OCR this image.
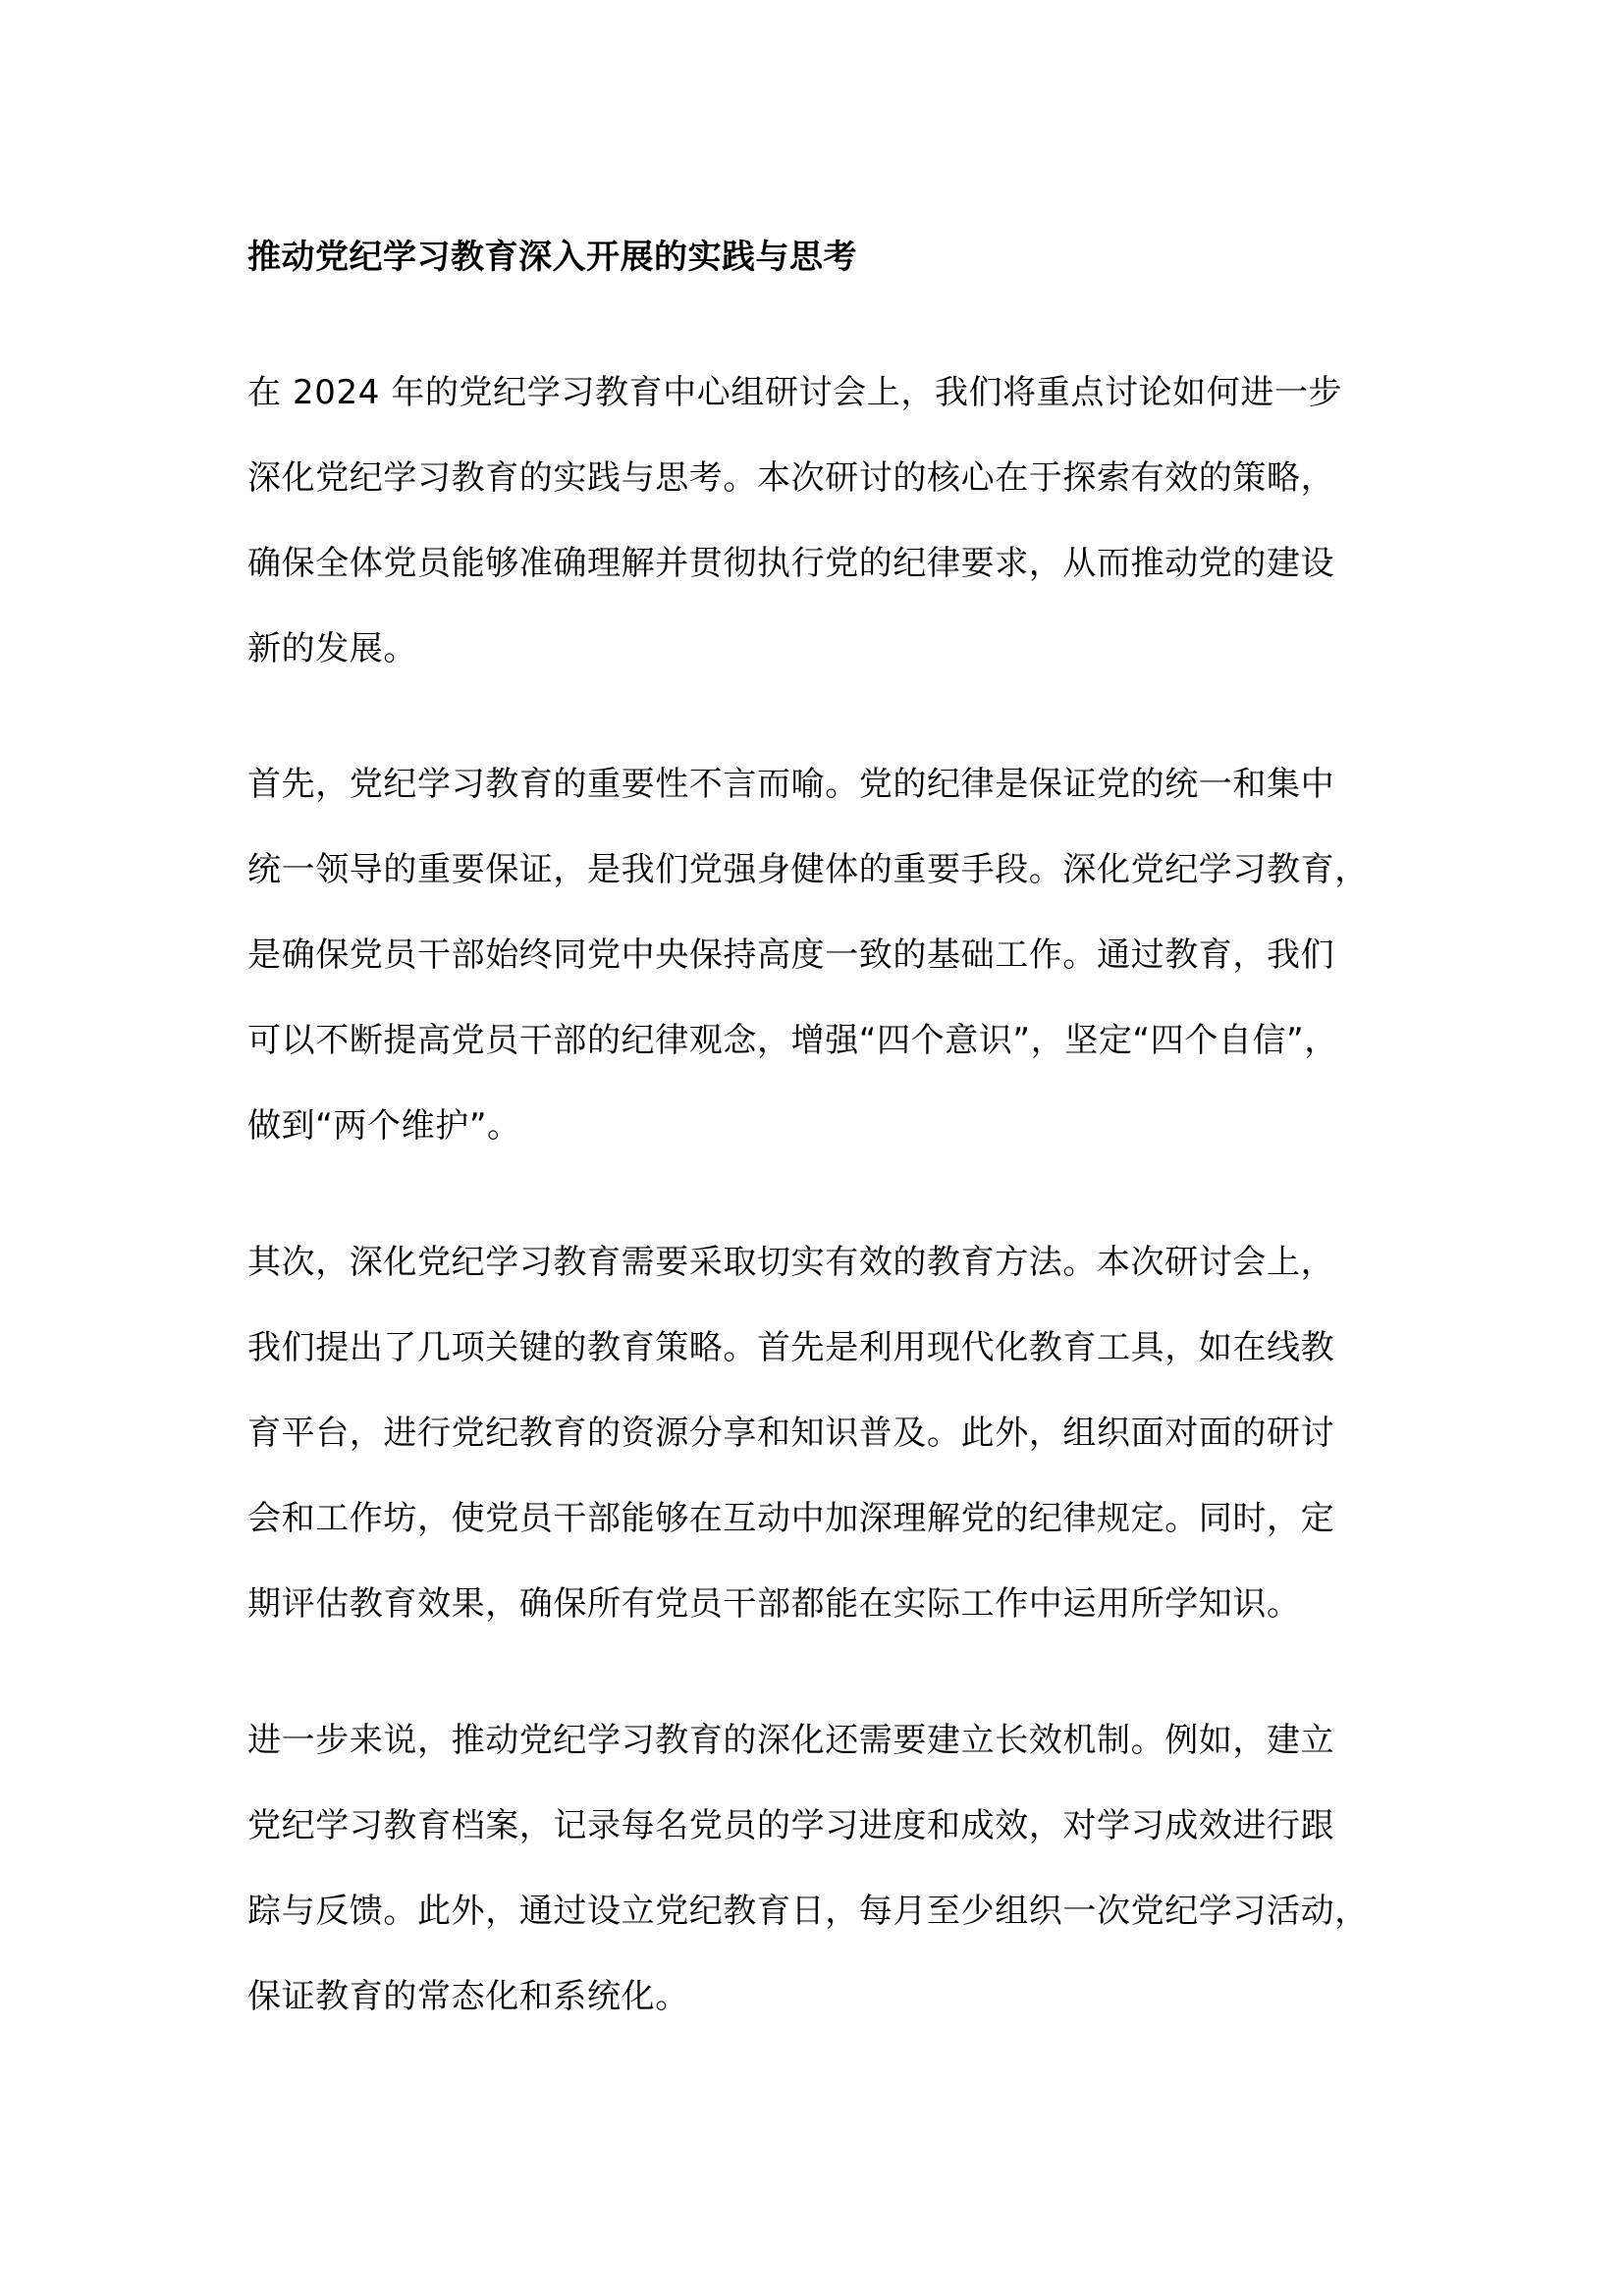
推动党纪学习教育深入开展的实践与思考
在 2024 年的党纪学习教育中心组研讨会上，我们将重点讨论如何进一步
深化党纪学习教育的实践与思考。本次研讨的核心在于探索有效的策略，
确保全体党员能够准确理解并贯彻执行党的纪律要求，从而推动党的建设
新的发展。
首先，党纪学习教育的重要性不言而喻。党的纪律是保证党的统一和集中
统一领导的重要保证，是我们党强身健体的重要手段。深化党纪学习教育，
是确保党员干部始终同党中央保持高度一致的基础工作。通过教育，我们
可以不断提高党员干部的纪律观念，增强“四个意识”，坚定“四个自信”，
做到“两个维护”。
其次，深化党纪学习教育需要采取切实有效的教育方法。本次研讨会上，
我们提出了几项关键的教育策略。首先是利用现代化教育工具，如在线教
育平台，进行党纪教育的资源分享和知识普及。此外，组织面对面的研讨
会和工作坊，使党员干部能够在互动中加深理解党的纪律规定。同时，定
期评估教育效果，确保所有党员干部都能在实际工作中运用所学知识。
进一步来说，推动党纪学习教育的深化还需要建立长效机制。例如，建立
党纪学习教育档案，记录每名党员的学习进度和成效，对学习成效进行跟
踪与反馈。此外，通过设立党纪教育日，每月至少组织一次党纪学习活动，
保证教育的常态化和系统化。
